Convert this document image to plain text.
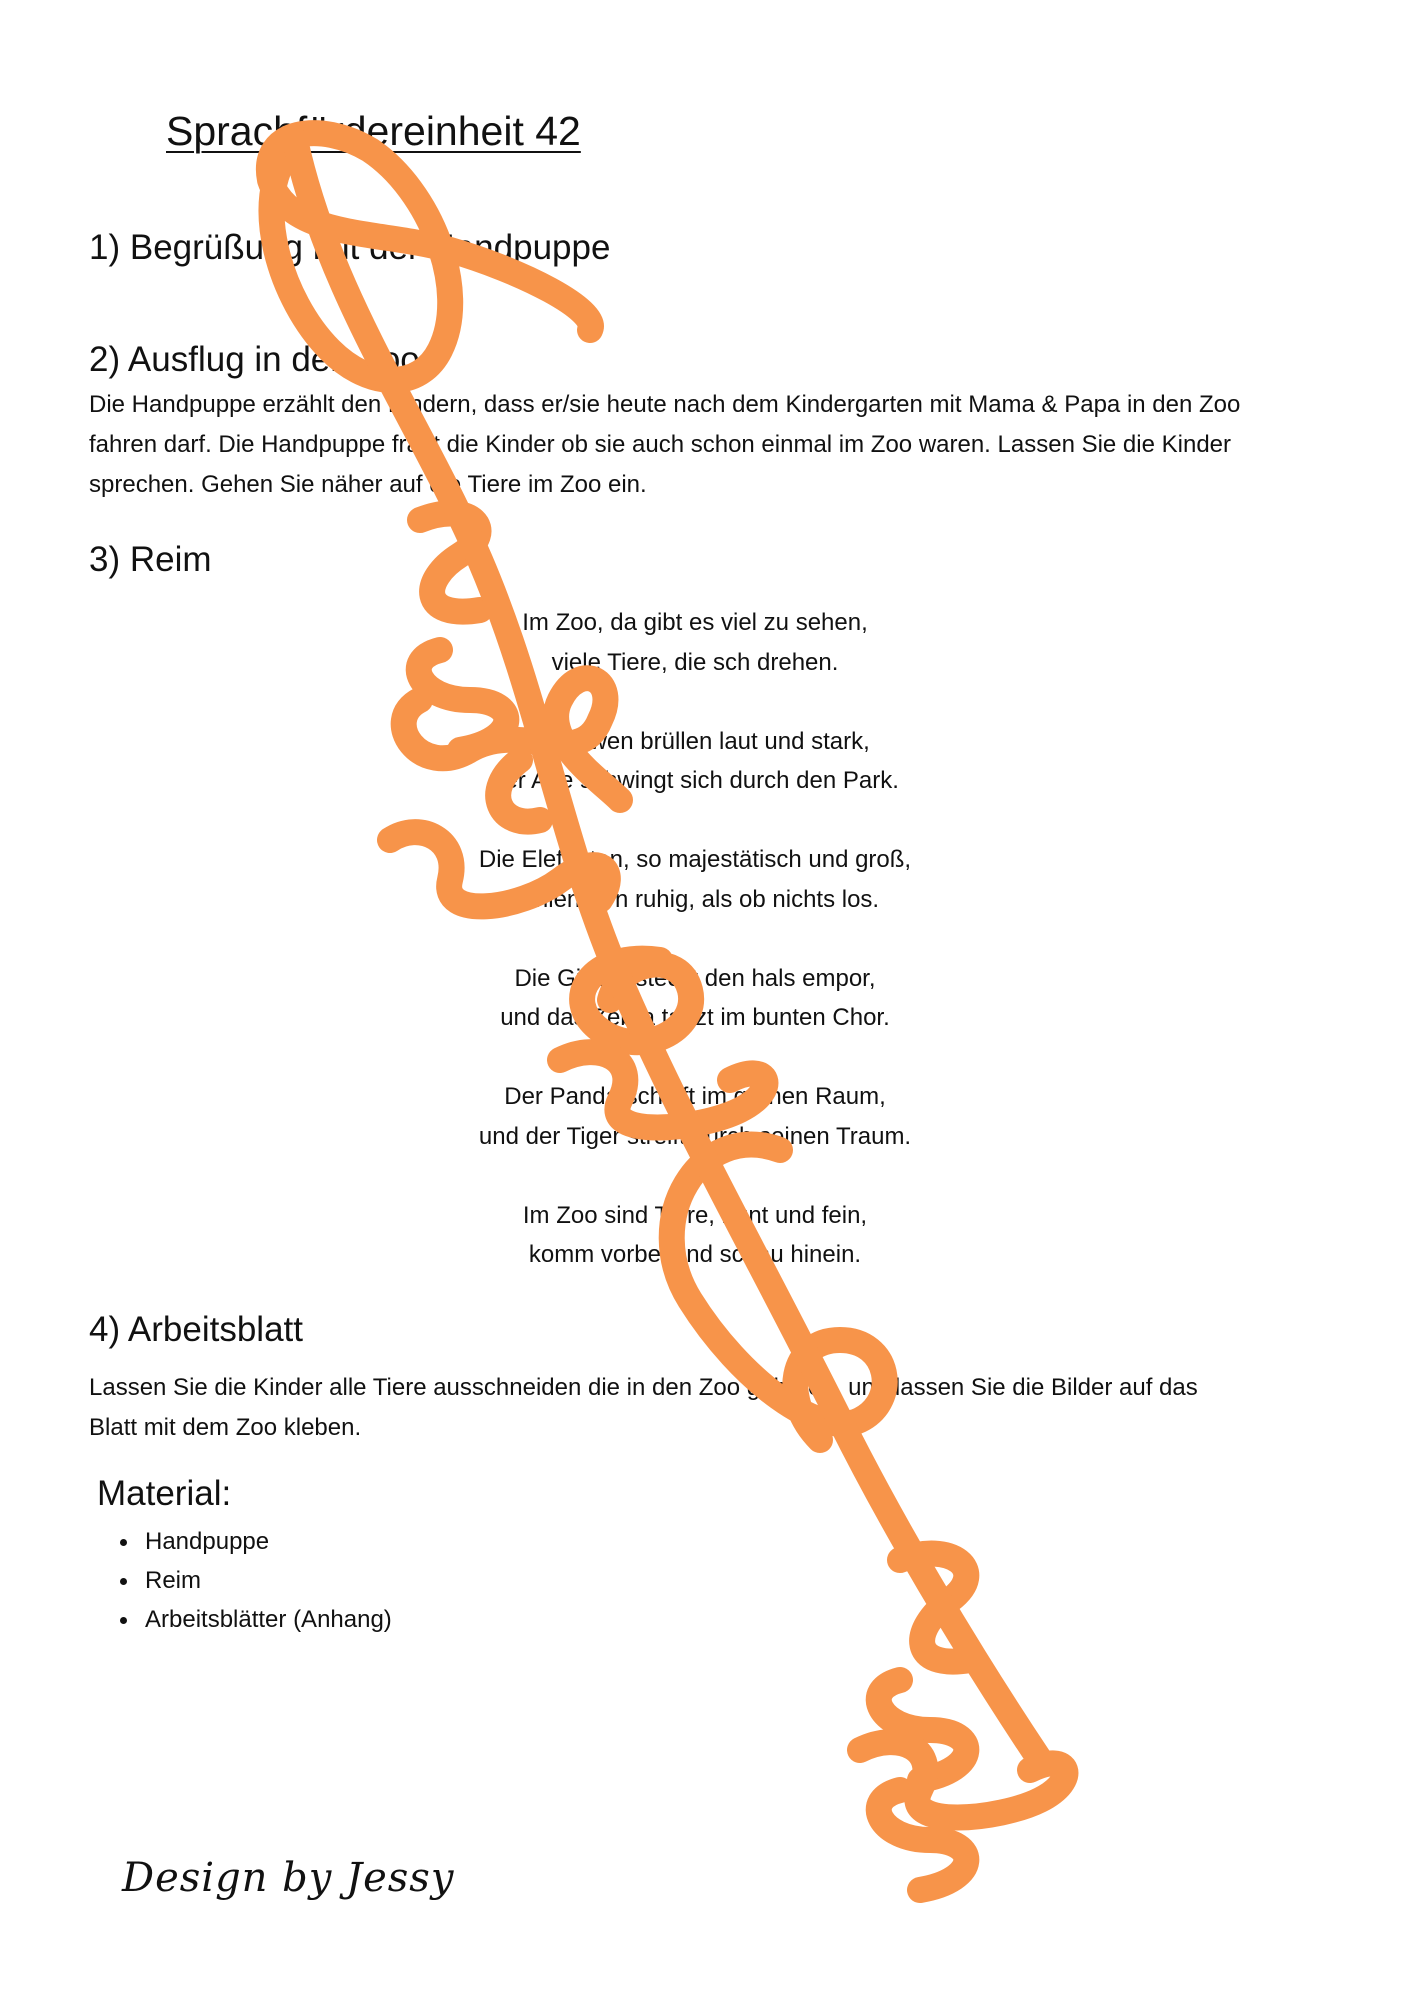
Sprachfördereinheit 42
1) Begrüßung mit der Handpuppe
2) Ausflug in den Zoo

Die Handpuppe erzählt den Kindern, dass er/sie heute nach dem Kindergarten mit Mama & Papa in den Zoo fahren darf. Die Handpuppe fragt die Kinder ob sie auch schon einmal im Zoo waren. Lassen Sie die Kinder sprechen. Gehen Sie näher auf die Tiere im Zoo ein.

3) Reim

Im Zoo, da gibt es viel zu sehen,
viele Tiere, die sch drehen.

Die Löwen brüllen laut und stark,
der Affe schwingt sich durch den Park.

Die Elefanten, so majestätisch und groß,
schlendern ruhig, als ob nichts los.

Die Giraffe steckt den hals empor,
und das Zebra tanzt im bunten Chor.

Der Panda schläft im grünen Raum,
und der Tiger streift durch seinen Traum.

Im Zoo sind Tiere, bunt und fein,
komm vorbei und schau hinein.

4) Arbeitsblatt

Lassen Sie die Kinder alle Tiere ausschneiden die in den Zoo gehören, und lassen Sie die Bilder auf das Blatt mit dem Zoo kleben.

Material:
Handpuppe
Reim
Arbeitsblätter (Anhang)
Design by Jessy
